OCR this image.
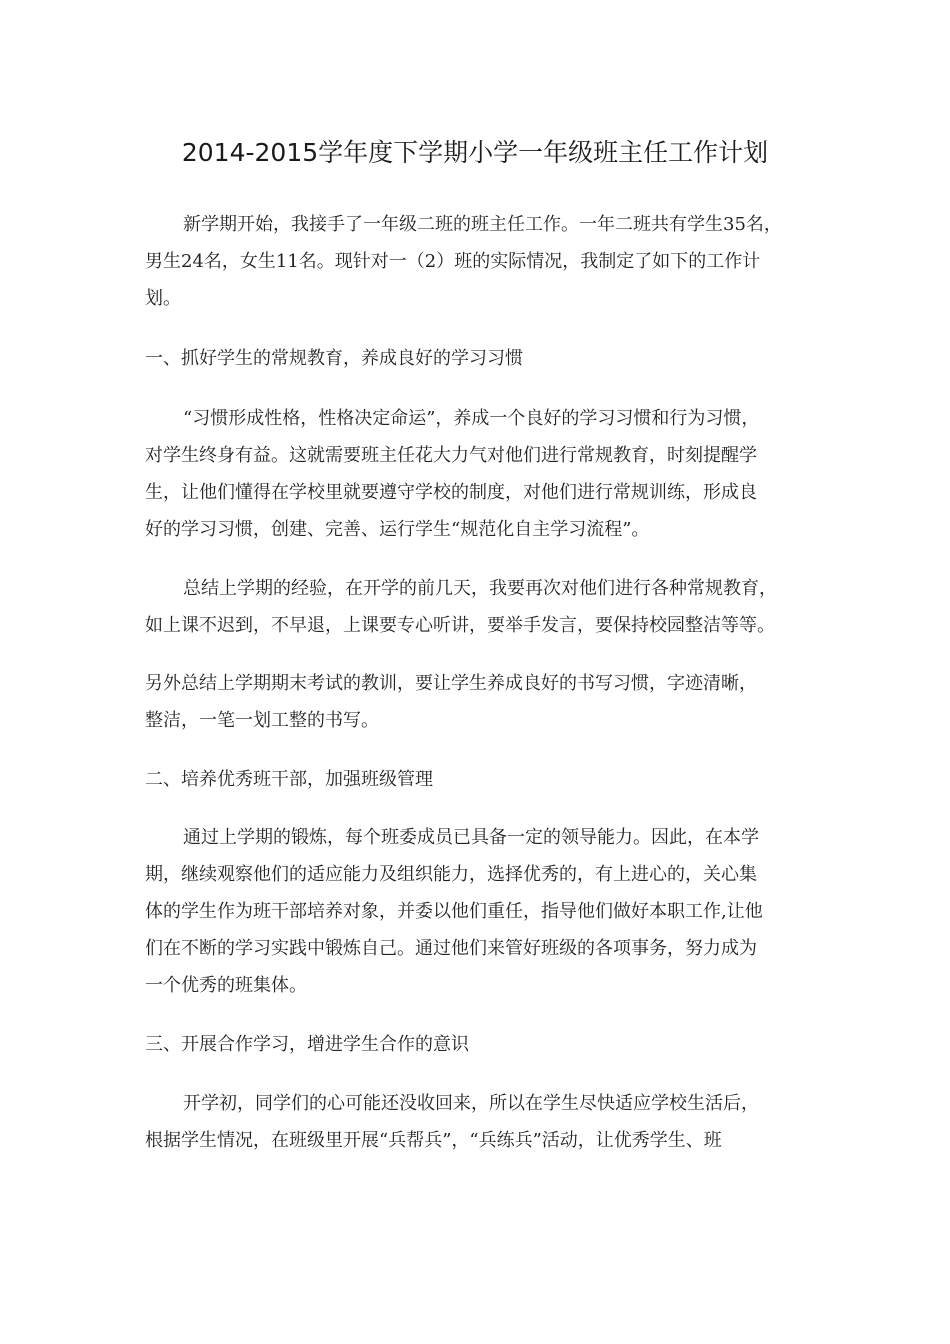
2014-2015学年度下学期小学一年级班主任工作计划

新学期开始，我接手了一年级二班的班主任工作。一年二班共有学生35名，

男生24名，女生11名。现针对一（2）班的实际情况，我制定了如下的工作计

划。

一、抓好学生的常规教育，养成良好的学习习惯

“习惯形成性格，性格决定命运”，养成一个良好的学习习惯和行为习惯，

对学生终身有益。这就需要班主任花大力气对他们进行常规教育，时刻提醒学

生，让他们懂得在学校里就要遵守学校的制度，对他们进行常规训练，形成良

好的学习习惯，创建、完善、运行学生“规范化自主学习流程”。

总结上学期的经验，在开学的前几天，我要再次对他们进行各种常规教育，

如上课不迟到，不早退，上课要专心听讲，要举手发言，要保持校园整洁等等。

另外总结上学期期末考试的教训，要让学生养成良好的书写习惯，字迹清晰，

整洁，一笔一划工整的书写。

二、培养优秀班干部，加强班级管理

通过上学期的锻炼，每个班委成员已具备一定的领导能力。因此，在本学

期，继续观察他们的适应能力及组织能力，选择优秀的，有上进心的，关心集

体的学生作为班干部培养对象，并委以他们重任，指导他们做好本职工作,让他

们在不断的学习实践中锻炼自己。通过他们来管好班级的各项事务，努力成为

一个优秀的班集体。

三、开展合作学习，增进学生合作的意识

开学初，同学们的心可能还没收回来，所以在学生尽快适应学校生活后，

根据学生情况，在班级里开展“兵帮兵”，“兵练兵”活动，让优秀学生、班
